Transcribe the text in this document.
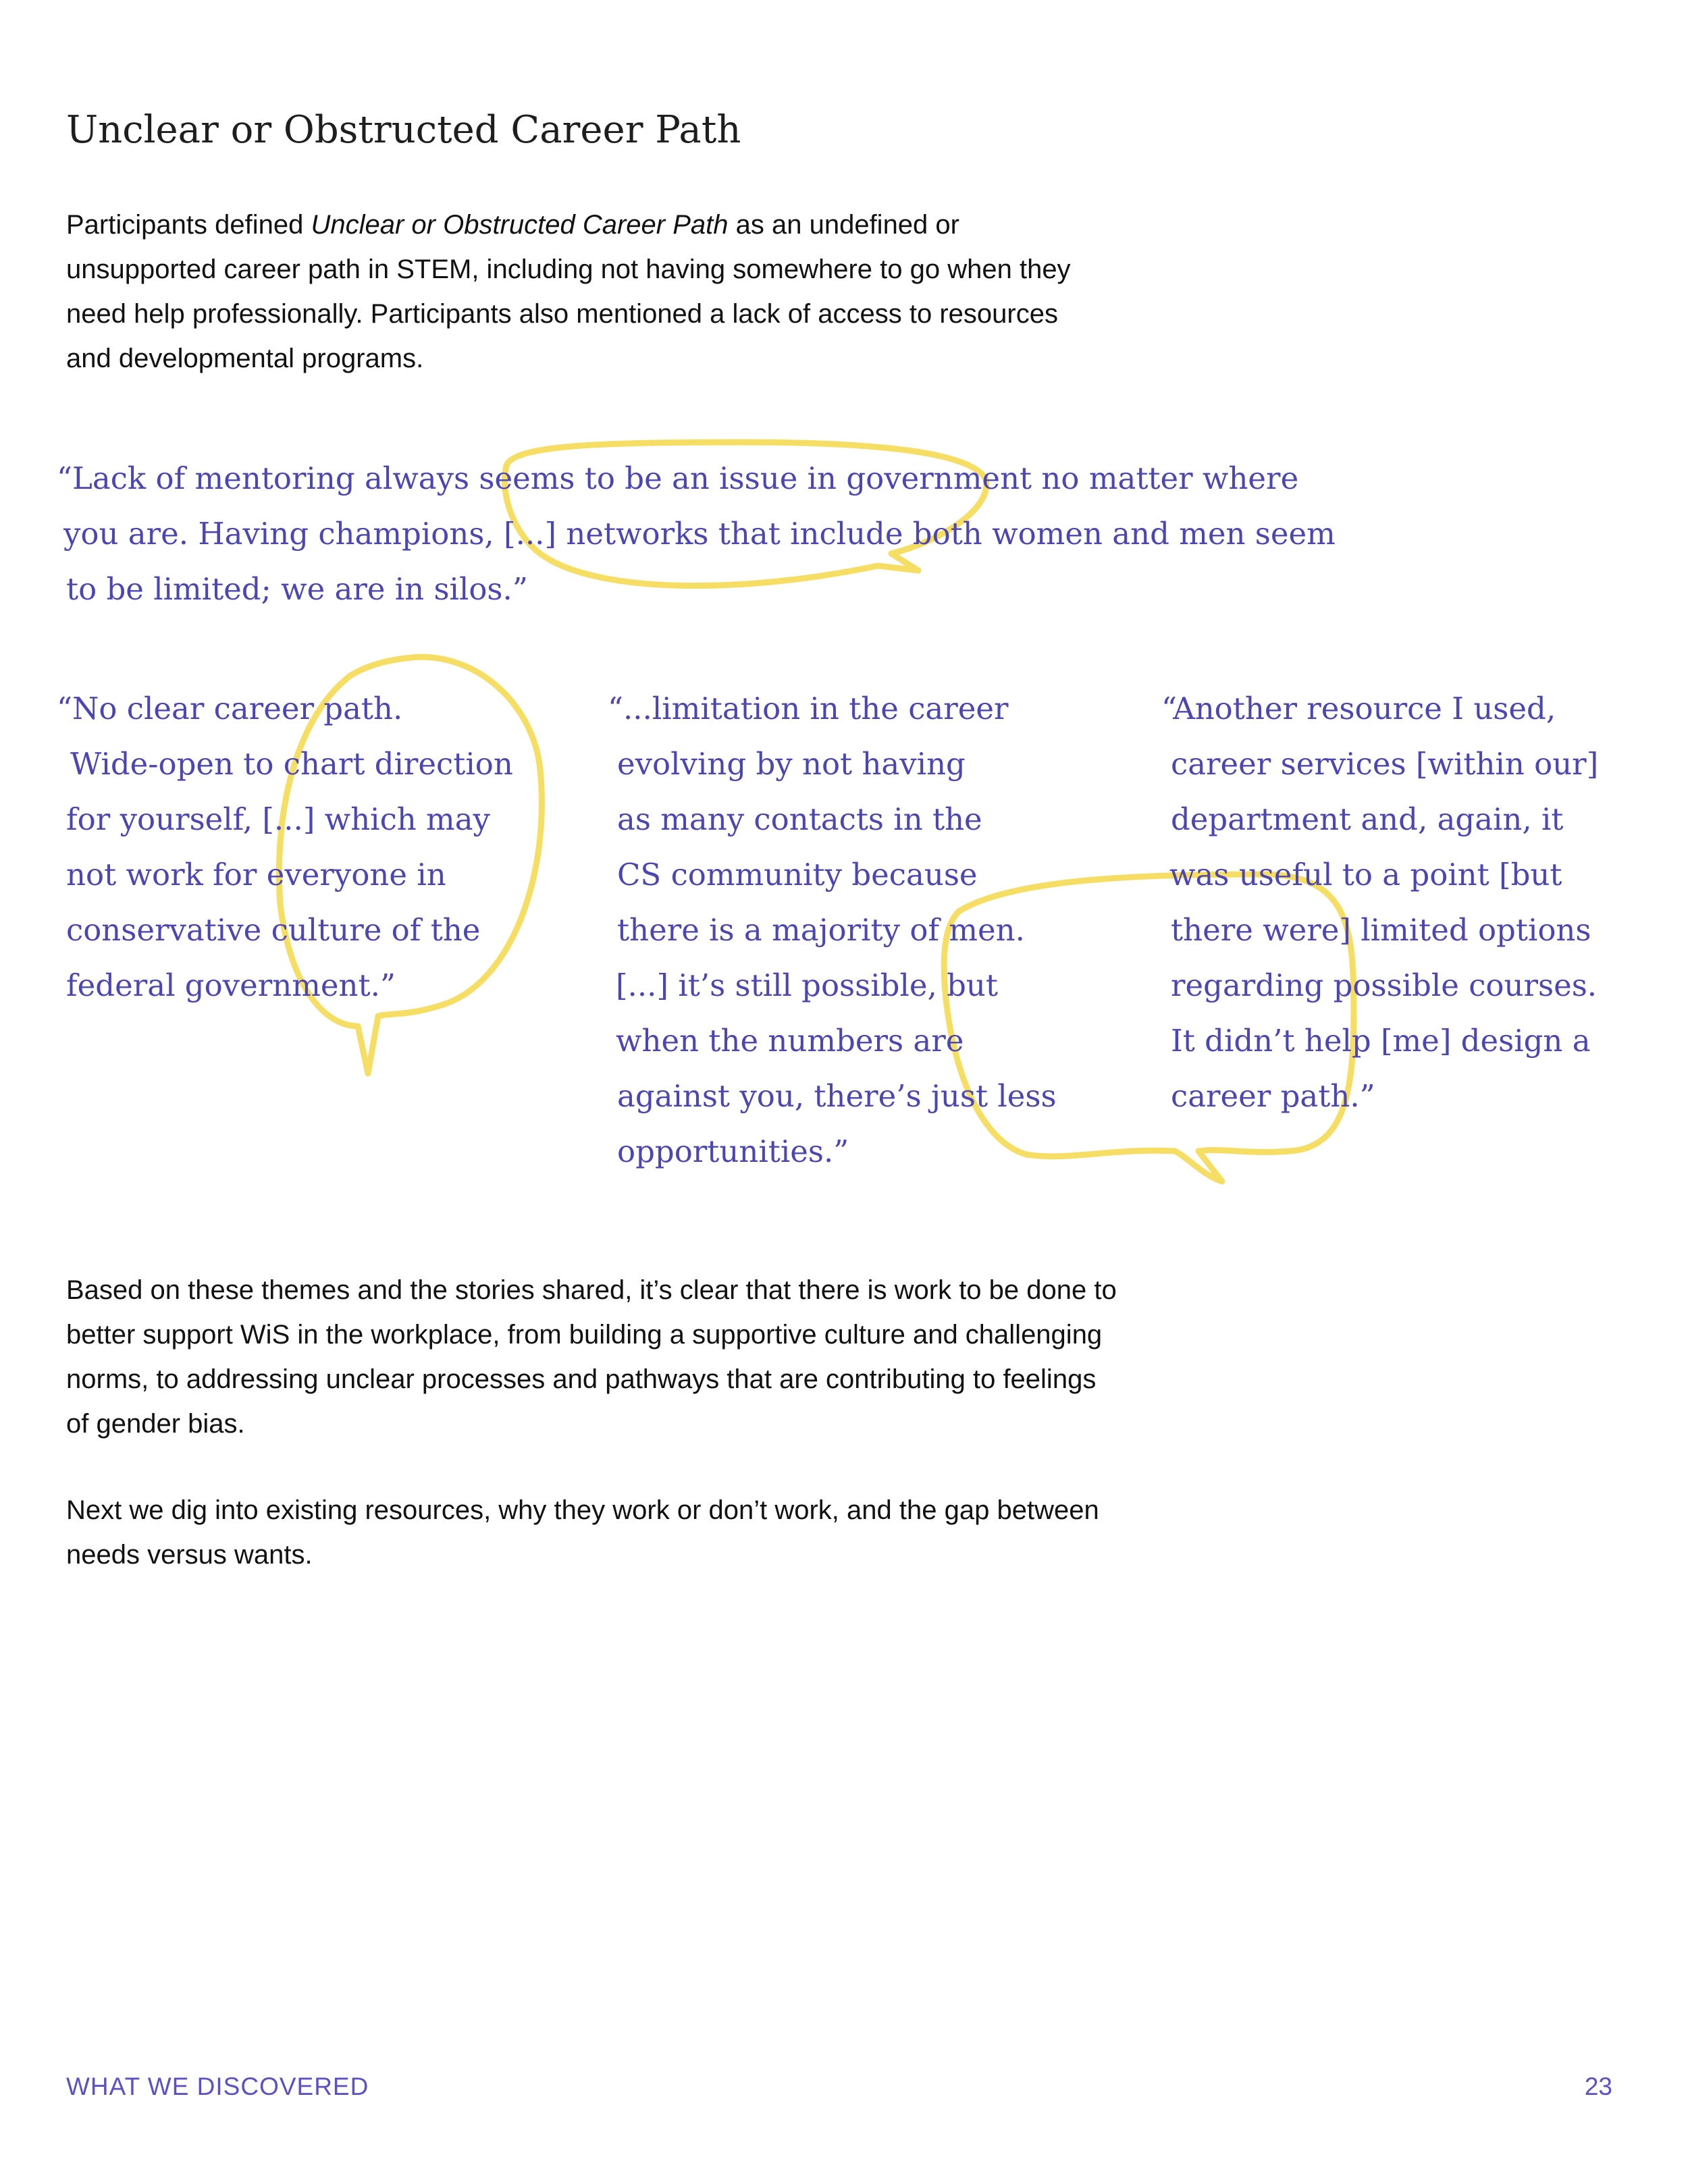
Unclear or Obstructed Career Path

Participants defined Unclear or Obstructed Career Path as an undefined or unsupported career path in STEM, including not having somewhere to go when they need help professionally. Participants also mentioned a lack of access to resources and developmental programs.

“Lack of mentoring always seems to be an issue in government no matter where
you are. Having champions, [...] networks that include both women and men seem
to be limited; we are in silos.”
“No clear career path.
Wide-open to chart direction
for yourself, [...] which may
not work for everyone in
conservative culture of the
federal government.”
“...limitation in the career
evolving by not having
as many contacts in the
CS community because
there is a majority of men.
[...] it’s still possible, but
when the numbers are
against you, there’s just less
opportunities.”
“Another resource I used,
career services [within our]
department and, again, it
was useful to a point [but
there were] limited options
regarding possible courses.
It didn’t help [me] design a
career path.”

Based on these themes and the stories shared, it’s clear that there is work to be done to better support WiS in the workplace, from building a supportive culture and challenging norms, to addressing unclear processes and pathways that are contributing to feelings of gender bias.

Next we dig into existing resources, why they work or don’t work, and the gap between needs versus wants.

WHAT WE DISCOVERED	23
